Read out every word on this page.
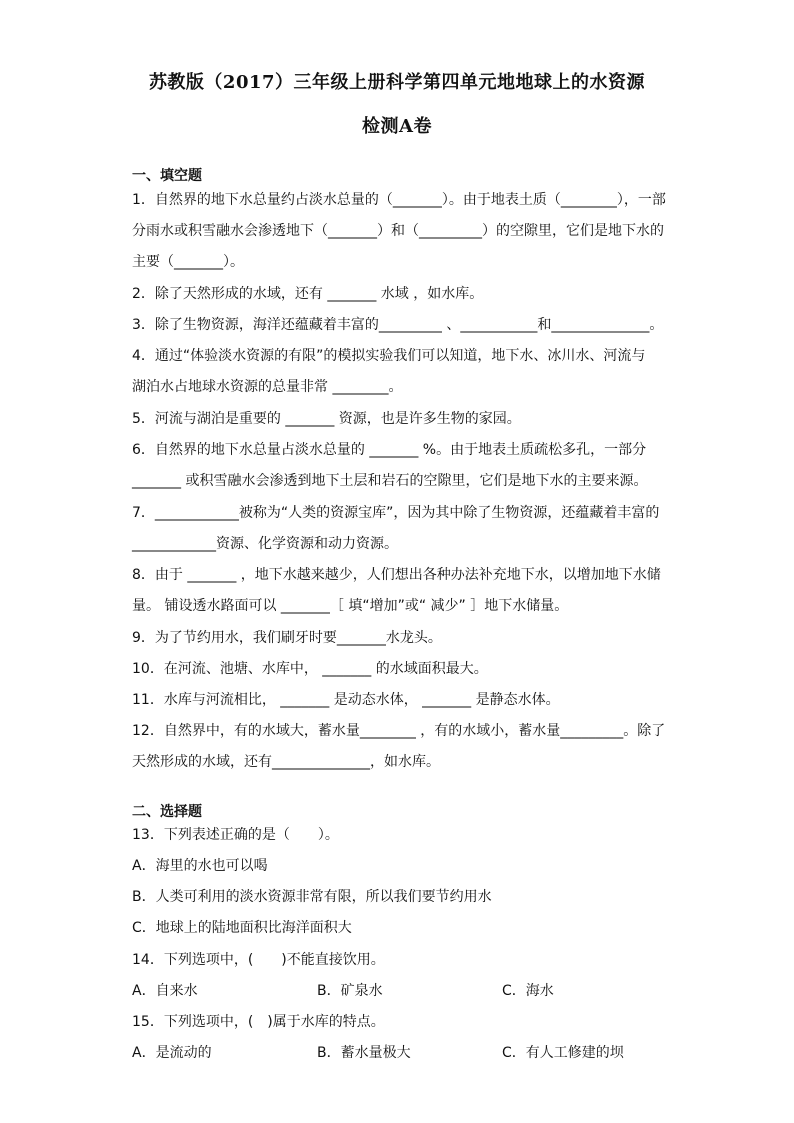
苏教版（2017）三年级上册科学第四单元地地球上的水资源
检测A卷
一、填空题
1．自然界的地下水总量约占淡水总量的（_______）。由于地表土质（________），一部
分雨水或积雪融水会渗透地下（_______）和（_________）的空隙里，它们是地下水的
主要（_______）。
2．除了天然形成的水域，还有 _______ 水域 ，如水库。
3．除了生物资源，海洋还蕴藏着丰富的_________ 、___________和______________。
4．通过“体验淡水资源的有限”的模拟实验我们可以知道，地下水、冰川水、河流与
湖泊水占地球水资源的总量非常 ________。
5．河流与湖泊是重要的 _______ 资源，也是许多生物的家园。
6．自然界的地下水总量占淡水总量的 _______ %。由于地表土质疏松多孔，一部分
_______ 或积雪融水会渗透到地下土层和岩石的空隙里，它们是地下水的主要来源。
7．____________被称为“人类的资源宝库”，因为其中除了生物资源，还蕴藏着丰富的
____________资源、化学资源和动力资源。
8．由于 _______ ，地下水越来越少，人们想出各种办法补充地下水，以增加地下水储
量。 铺设透水路面可以 _______［ 填“增加”或“ 减少” ］地下水储量。
9．为了节约用水，我们刷牙时要_______水龙头。
10．在河流、池塘、水库中， _______ 的水域面积最大。
11．水库与河流相比， _______ 是动态水体， _______ 是静态水体。
12．自然界中，有的水域大，蓄水量________ ，有的水域小，蓄水量_________。除了
天然形成的水域，还有______________，如水库。
二、选择题
13．下列表述正确的是（　　）。
A．海里的水也可以喝
B．人类可利用的淡水资源非常有限，所以我们要节约用水
C．地球上的陆地面积比海洋面积大
14．下列选项中，(　　)不能直接饮用。
A．自来水	B．矿泉水	C．海水
15．下列选项中，(　)属于水库的特点。
A．是流动的	B．蓄水量极大	C．有人工修建的坝
